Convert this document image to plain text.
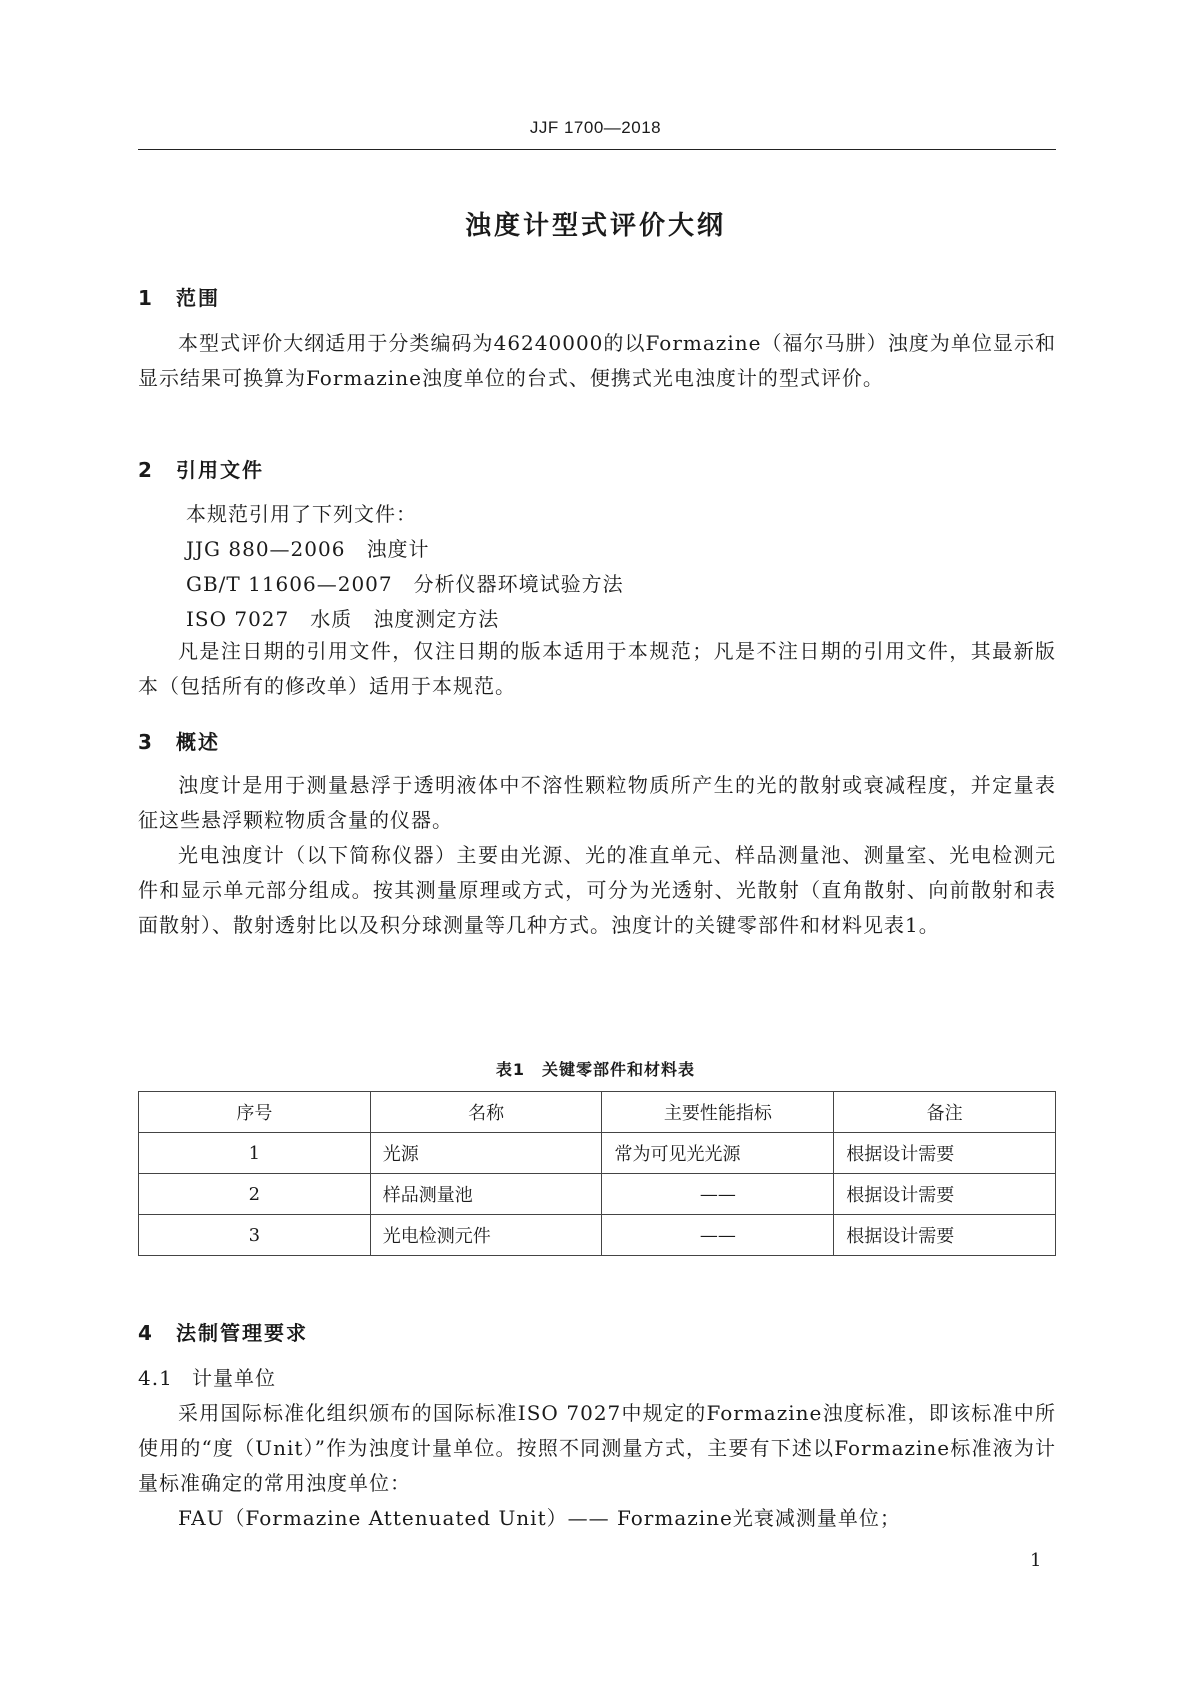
JJF 1700—2018
浊度计型式评价大纲
1 范围

本型式评价大纲适用于分类编码为46240000的以Formazine（福尔马肼）浊度为单位显示和显示结果可换算为Formazine浊度单位的台式、便携式光电浊度计的型式评价。

2 引用文件

本规范引用了下列文件：

JJG 880—2006　浊度计

GB/T 11606—2007　分析仪器环境试验方法

ISO 7027　水质　浊度测定方法

凡是注日期的引用文件，仅注日期的版本适用于本规范；凡是不注日期的引用文件，其最新版本（包括所有的修改单）适用于本规范。

3 概述

浊度计是用于测量悬浮于透明液体中不溶性颗粒物质所产生的光的散射或衰减程度，并定量表征这些悬浮颗粒物质含量的仪器。

光电浊度计（以下简称仪器）主要由光源、光的准直单元、样品测量池、测量室、光电检测元件和显示单元部分组成。按其测量原理或方式，可分为光透射、光散射（直角散射、向前散射和表面散射）、散射透射比以及积分球测量等几种方式。浊度计的关键零部件和材料见表1。

表1　关键零部件和材料表
序号	名称	主要性能指标	备注
1	光源	常为可见光光源	根据设计需要
2	样品测量池	——	根据设计需要
3	光电检测元件	——	根据设计需要
4 法制管理要求
4.1 计量单位

采用国际标准化组织颁布的国际标准ISO 7027中规定的Formazine浊度标准，即该标准中所使用的“度（Unit）”作为浊度计量单位。按照不同测量方式，主要有下述以Formazine标准液为计量标准确定的常用浊度单位：

FAU（Formazine Attenuated Unit）—— Formazine光衰减测量单位；

1
